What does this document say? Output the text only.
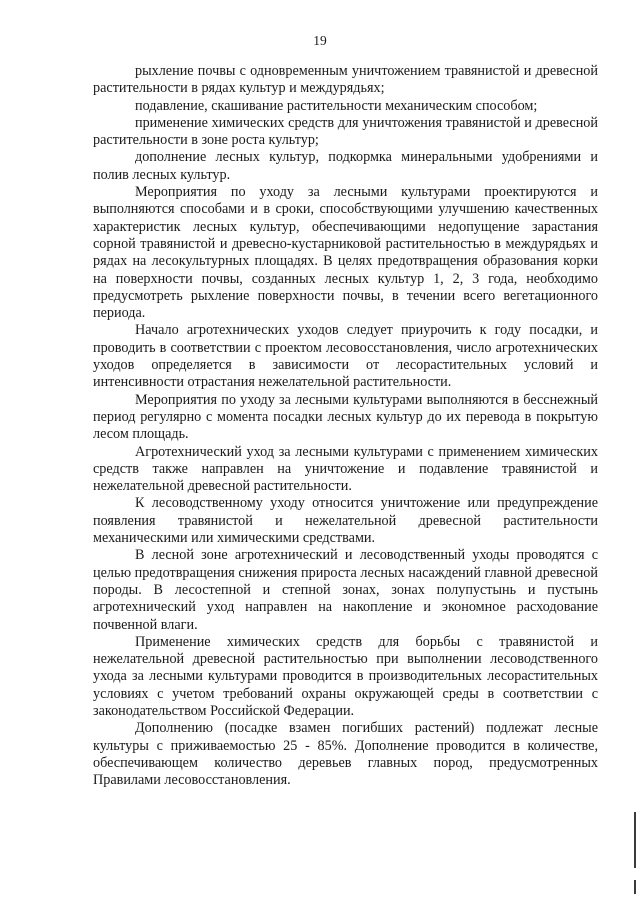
19

рыхление почвы с одновременным уничтожением травянистой и древесной растительности в рядах культур и междурядьях;

подавление, скашивание растительности механическим способом;

применение химических средств для уничтожения травянистой и древесной растительности в зоне роста культур;

дополнение лесных культур, подкормка минеральными удобрениями и полив лесных культур.

Мероприятия по уходу за лесными культурами проектируются и выполняются способами и в сроки, способствующими улучшению качественных характеристик лесных культур, обеспечивающими недопущение зарастания сорной травянистой и древесно-кустарниковой растительностью в междурядьях и рядах на лесокультурных площадях. В целях предотвращения образования корки на поверхности почвы, созданных лесных культур 1, 2, 3 года, необходимо предусмотреть рыхление поверхности почвы, в течении всего вегетационного периода.

Начало агротехнических уходов следует приурочить к году посадки, и проводить в соответствии с проектом лесовосстановления, число агротехнических уходов определяется в зависимости от лесорастительных условий и интенсивности отрастания нежелательной растительности.

Мероприятия по уходу за лесными культурами выполняются в бесснежный период регулярно с момента посадки лесных культур до их перевода в покрытую лесом площадь.

Агротехнический уход за лесными культурами с применением химических средств также направлен на уничтожение и подавление травянистой и нежелательной древесной растительности.

К лесоводственному уходу относится уничтожение или предупреждение появления травянистой и нежелательной древесной растительности механическими или химическими средствами.

В лесной зоне агротехнический и лесоводственный уходы проводятся с целью предотвращения снижения прироста лесных насаждений главной древесной породы. В лесостепной и степной зонах, зонах полупустынь и пустынь агротехнический уход направлен на накопление и экономное расходование почвенной влаги.

Применение химических средств для борьбы с травянистой и нежелательной древесной растительностью при выполнении лесоводственного ухода за лесными культурами проводится в производительных лесорастительных условиях с учетом требований охраны окружающей среды в соответствии с законодательством Российской Федерации.

Дополнению (посадке взамен погибших растений) подлежат лесные культуры с приживаемостью 25 - 85%. Дополнение проводится в количестве, обеспечивающем количество деревьев главных пород, предусмотренных Правилами лесовосстановления.
